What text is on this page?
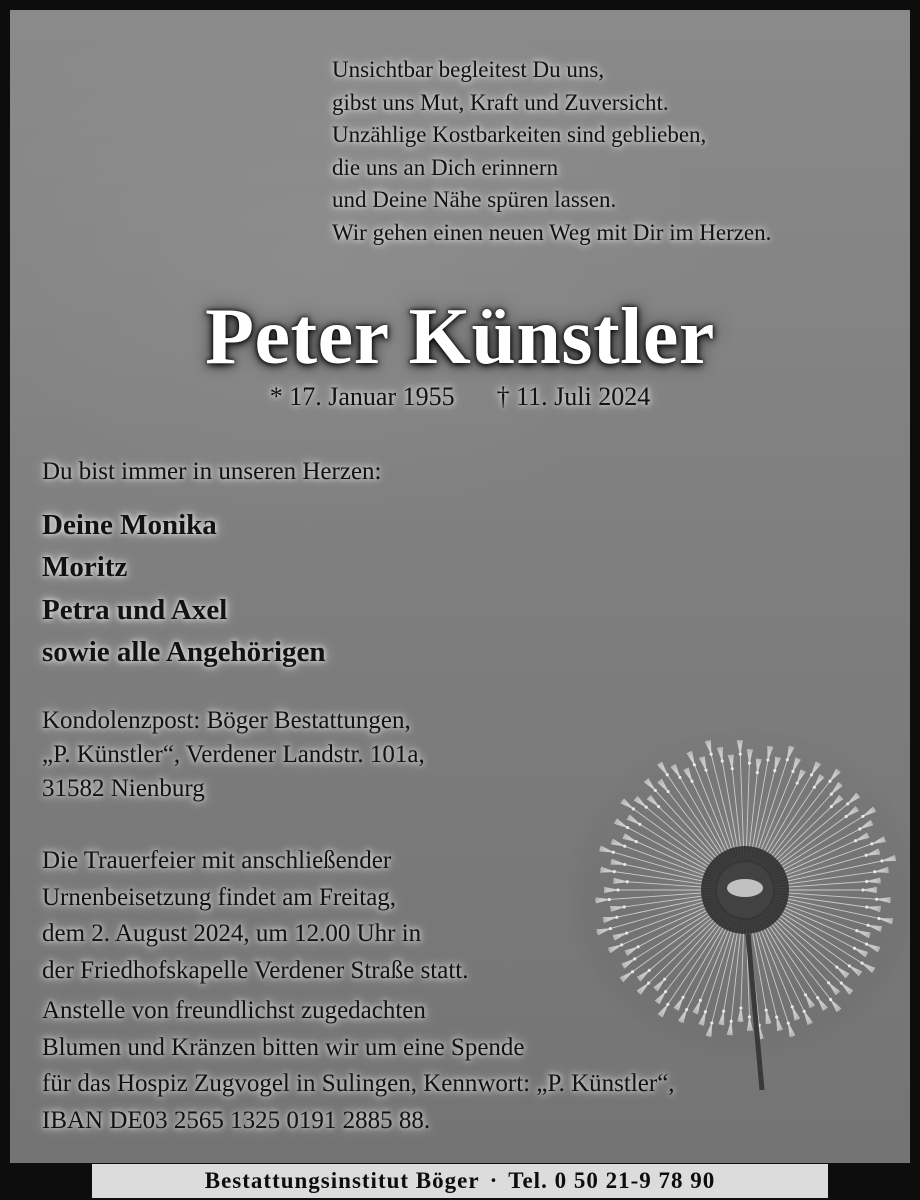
Unsichtbar begleitest Du uns,
gibst uns Mut, Kraft und Zuversicht.
Unzählige Kostbarkeiten sind geblieben,
die uns an Dich erinnern
und Deine Nähe spüren lassen.
Wir gehen einen neuen Weg mit Dir im Herzen.
Peter Künstler
* 17. Januar 1955 † 11. Juli 2024
Du bist immer in unseren Herzen:
Deine Monika
Moritz
Petra und Axel
sowie alle Angehörigen
Kondolenzpost: Böger Bestattungen,
„P. Künstler“, Verdener Landstr. 101a,
31582 Nienburg
Die Trauerfeier mit anschließender
Urnenbeisetzung findet am Freitag,
dem 2. August 2024, um 12.00 Uhr in
der Friedhofskapelle Verdener Straße statt.
Anstelle von freundlichst zugedachten
Blumen und Kränzen bitten wir um eine Spende
für das Hospiz Zugvogel in Sulingen, Kennwort: „P. Künstler“,
IBAN DE03 2565 1325 0191 2885 88.
Bestattungsinstitut Böger · Tel. 0 50 21-9 78 90
